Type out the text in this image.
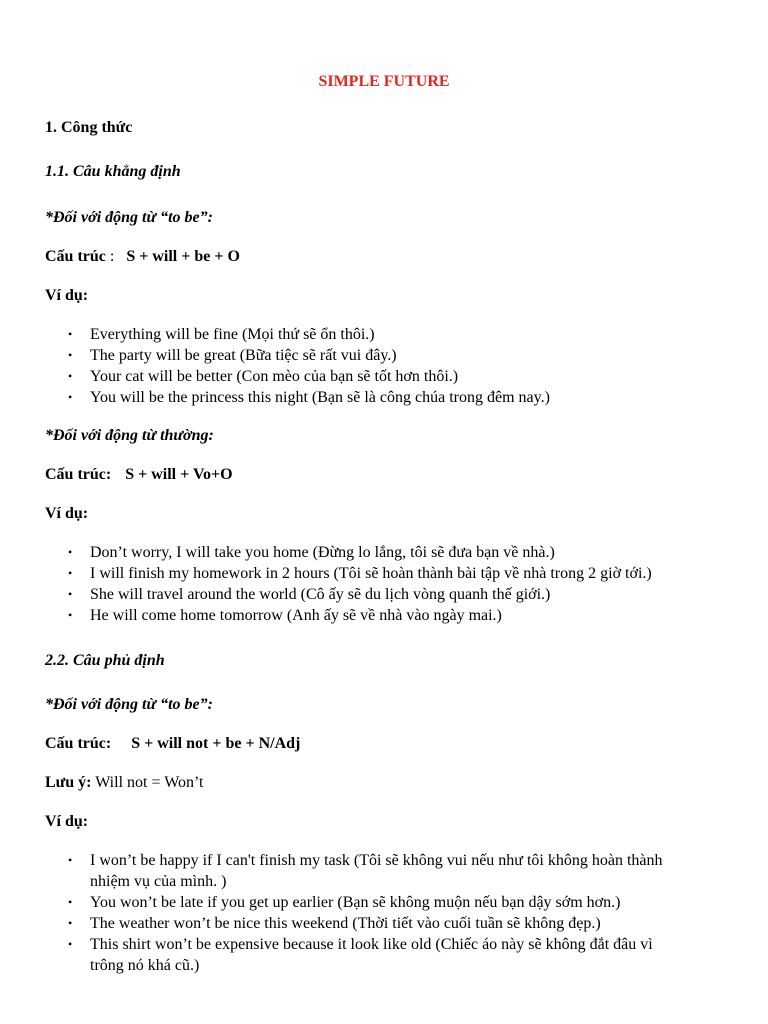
SIMPLE FUTURE
1. Công thức
1.1. Câu khẳng định
*Đối với động từ “to be”:
Cấu trúc :   S + will + be + O
Ví dụ:
• Everything will be fine (Mọi thứ sẽ ổn thôi.)
• The party will be great (Bữa tiệc sẽ rất vui đây.)
• Your cat will be better (Con mèo của bạn sẽ tốt hơn thôi.)
• You will be the princess this night (Bạn sẽ là công chúa trong đêm nay.)
*Đối với động từ thường:
Cấu trúc: S + will + Vo+O
Ví dụ:
• Don’t worry, I will take you home (Đừng lo lắng, tôi sẽ đưa bạn về nhà.)
• I will finish my homework in 2 hours (Tôi sẽ hoàn thành bài tập về nhà trong 2 giờ tới.)
• She will travel around the world (Cô ấy sẽ du lịch vòng quanh thế giới.)
• He will come home tomorrow (Anh ấy sẽ về nhà vào ngày mai.)
2.2. Câu phủ định
*Đối với động từ “to be”:
Cấu trúc: S + will not + be + N/Adj
Lưu ý: Will not = Won’t
Ví dụ:
• I won’t be happy if I can't finish my task (Tôi sẽ không vui nếu như tôi không hoàn thành
nhiệm vụ của mình. )
• You won’t be late if you get up earlier (Bạn sẽ không muộn nếu bạn dậy sớm hơn.)
• The weather won’t be nice this weekend (Thời tiết vào cuối tuần sẽ không đẹp.)
• This shirt won’t be expensive because it look like old (Chiếc áo này sẽ không đắt đâu vì
trông nó khá cũ.)
